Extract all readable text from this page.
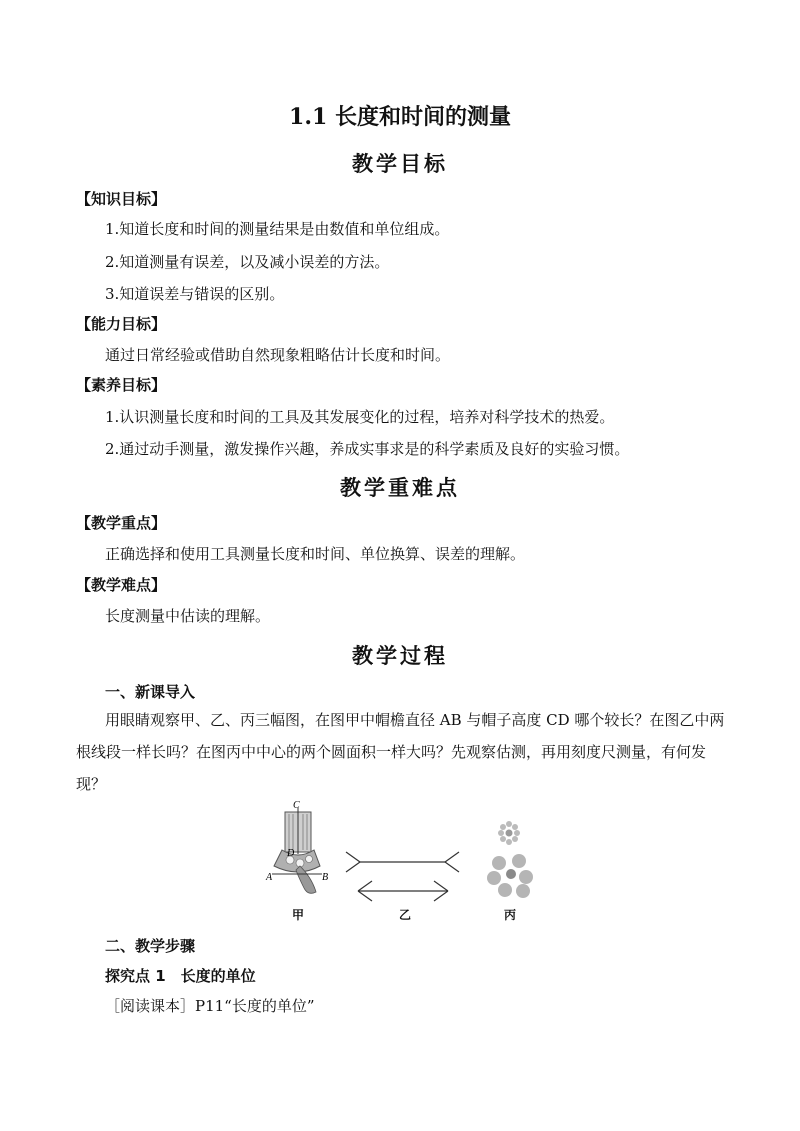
1.1 长度和时间的测量
教学目标
【知识目标】
1.知道长度和时间的测量结果是由数值和单位组成。
2.知道测量有误差，以及减小误差的方法。
3.知道误差与错误的区别。
【能力目标】
通过日常经验或借助自然现象粗略估计长度和时间。
【素养目标】
1.认识测量长度和时间的工具及其发展变化的过程，培养对科学技术的热爱。
2.通过动手测量，激发操作兴趣，养成实事求是的科学素质及良好的实验习惯。
教学重难点
【教学重点】
正确选择和使用工具测量长度和时间、单位换算、误差的理解。
【教学难点】
长度测量中估读的理解。
教学过程
一、新课导入
用眼睛观察甲、乙、丙三幅图，在图甲中帽檐直径 AB 与帽子高度 CD 哪个较长？在图乙中两根线段一样长吗？在图丙中中心的两个圆面积一样大吗？先观察估测，再用刻度尺测量，有何发现？
C
D
A	B
甲	乙	丙
二、教学步骤
探究点 1　长度的单位
［阅读课本］P11“长度的单位”
